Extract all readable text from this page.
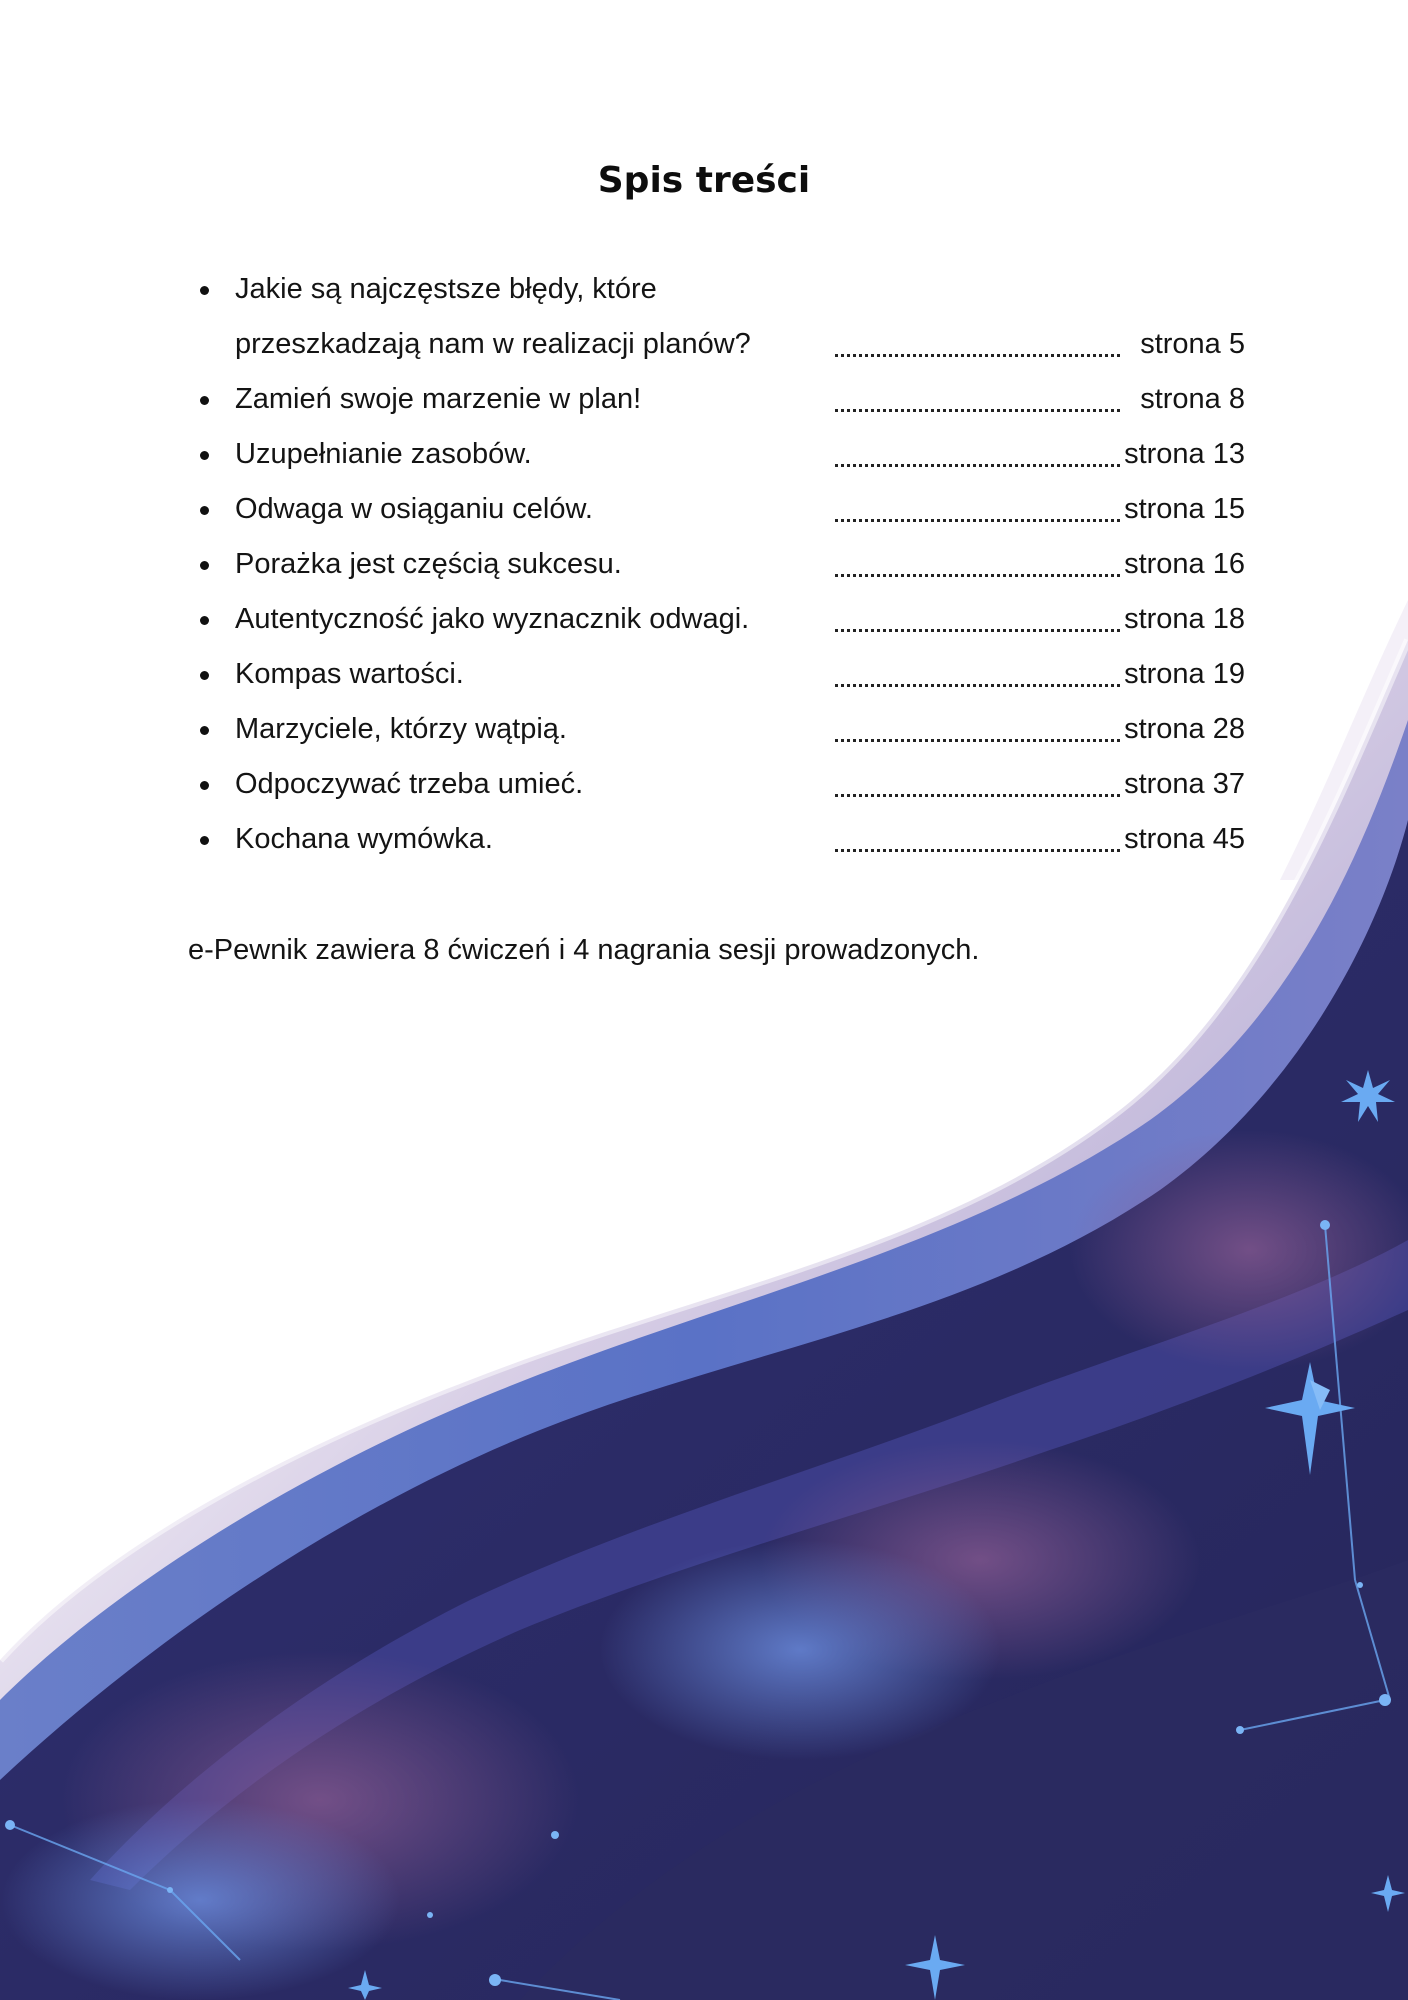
Spis treści
Jakie są najczęstsze błędy, które
przeszkadzają nam w realizacji planów?	strona 5
Zamień swoje marzenie w plan!	strona 8
Uzupełnianie zasobów.	strona 13
Odwaga w osiąganiu celów.	strona 15
Porażka jest częścią sukcesu.	strona 16
Autentyczność jako wyznacznik odwagi.	strona 18
Kompas wartości.	strona 19
Marzyciele, którzy wątpią.	strona 28
Odpoczywać trzeba umieć.	strona 37
Kochana wymówka.	strona 45
e-Pewnik zawiera 8 ćwiczeń i 4 nagrania sesji prowadzonych.
